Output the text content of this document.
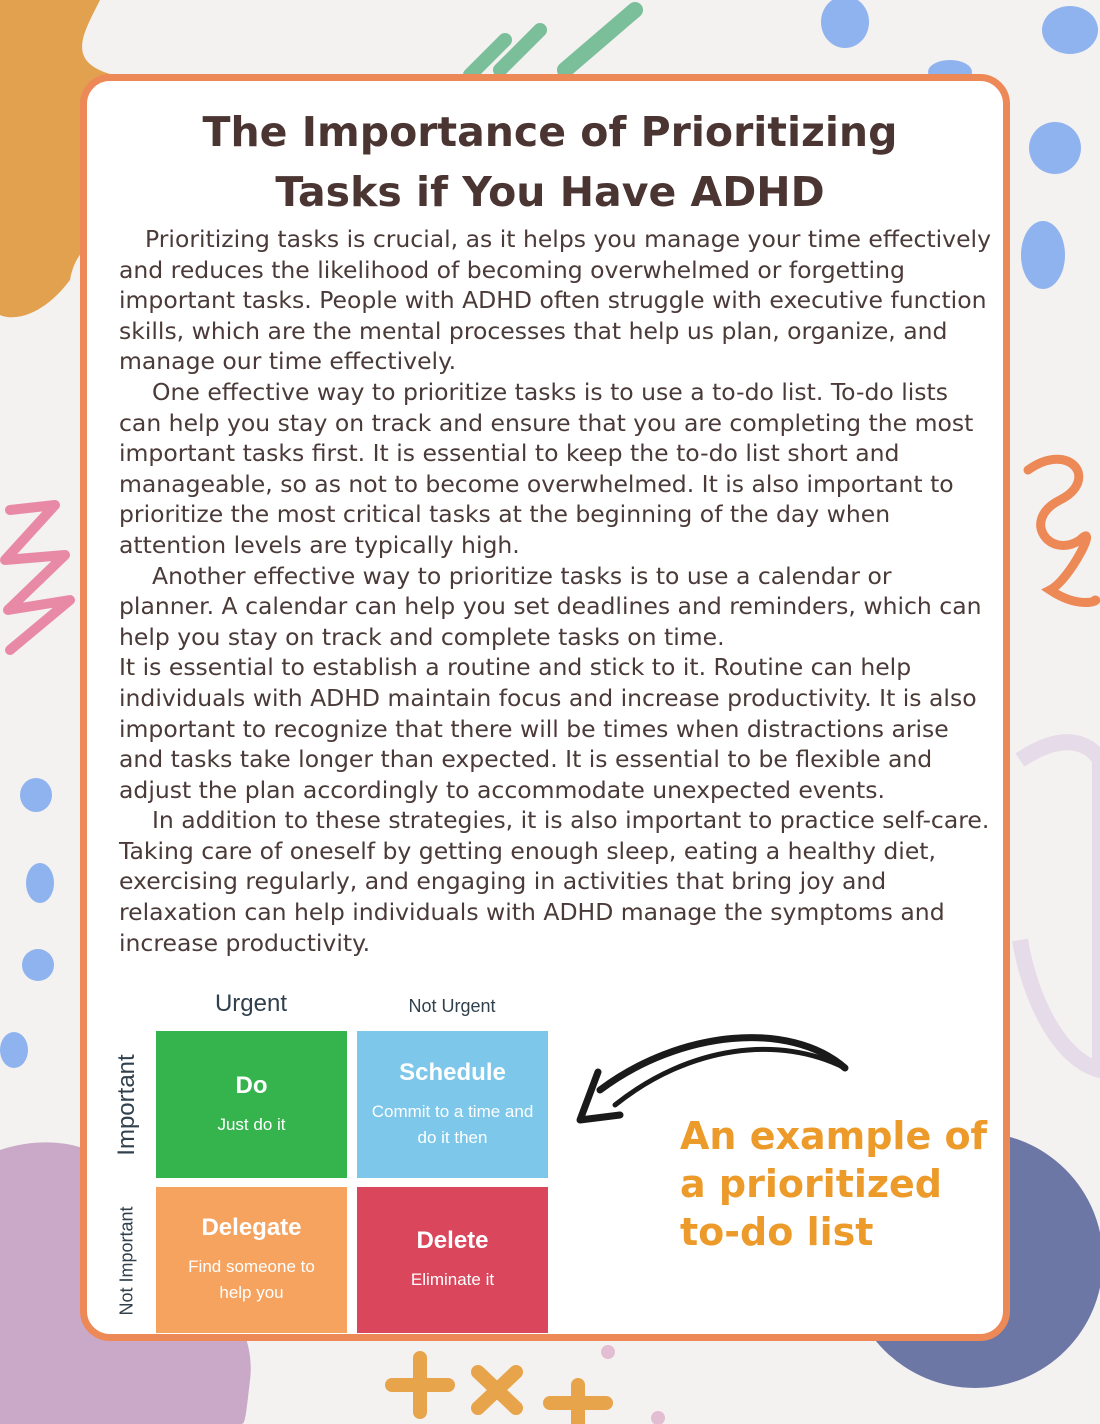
The Importance of Prioritizing
Tasks if You Have ADHD

Prioritizing tasks is crucial, as it helps you manage your time effectively and reduces the likelihood of becoming overwhelmed or forgetting important tasks. People with ADHD often struggle with executive function skills, which are the mental processes that help us plan, organize, and manage our time effectively.

One effective way to prioritize tasks is to use a to-do list. To-do lists can help you stay on track and ensure that you are completing the most important tasks first. It is essential to keep the to-do list short and manageable, so as not to become overwhelmed. It is also important to prioritize the most critical tasks at the beginning of the day when attention levels are typically high.

Another effective way to prioritize tasks is to use a calendar or planner. A calendar can help you set deadlines and reminders, which can help you stay on track and complete tasks on time.

It is essential to establish a routine and stick to it. Routine can help individuals with ADHD maintain focus and increase productivity. It is also important to recognize that there will be times when distractions arise and tasks take longer than expected. It is essential to be flexible and adjust the plan accordingly to accommodate unexpected events.

In addition to these strategies, it is also important to practice self-care. Taking care of oneself by getting enough sleep, eating a healthy diet, exercising regularly, and engaging in activities that bring joy and relaxation can help individuals with ADHD manage the symptoms and increase productivity.

Urgent	Not Urgent
Important
Not Important
Do
Just do it
Schedule
Commit to a time and do it then
Delegate
Find someone to help you
Delete
Eliminate it
An example of
a prioritized
to-do list
